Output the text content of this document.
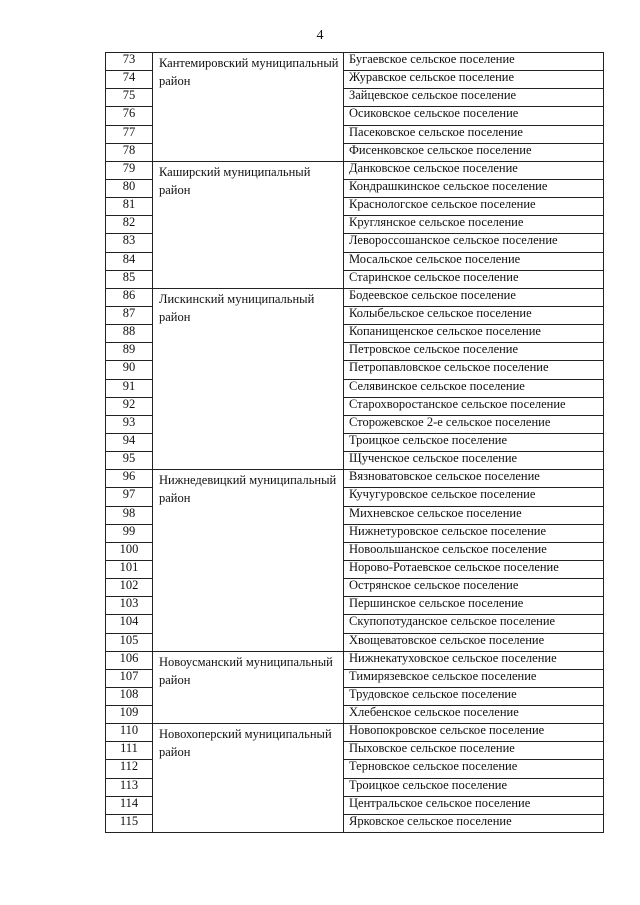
4
73	Кантемировский муниципальный район	Бугаевское сельское поселение
74		Журавское сельское поселение
75		Зайцевское сельское поселение
76		Осиковское сельское поселение
77		Пасековское сельское поселение
78		Фисенковское сельское поселение
79	Каширский муниципальный район	Данковское сельское поселение
80		Кондрашкинское сельское поселение
81		Краснологское сельское поселение
82		Круглянское сельское поселение
83		Левороссошанское сельское поселение
84		Мосальское сельское поселение
85		Старинское сельское поселение
86	Лискинский муниципальный район	Бодеевское сельское поселение
87		Колыбельское сельское поселение
88		Копанищенское сельское поселение
89		Петровское сельское поселение
90		Петропавловское сельское поселение
91		Селявинское сельское поселение
92		Старохворостанское сельское поселение
93		Сторожевское 2-е сельское поселение
94		Троицкое сельское поселение
95		Щученское сельское поселение
96	Нижнедевицкий муниципальный район	Вязноватовское сельское поселение
97		Кучугуровское сельское поселение
98		Михневское сельское поселение
99		Нижнетуровское сельское поселение
100		Новоольшанское сельское поселение
101		Норово-Ротаевское сельское поселение
102		Острянское сельское поселение
103		Першинское сельское поселение
104		Скупопотуданское сельское поселение
105		Хвощеватовское сельское поселение
106	Новоусманский муниципальный район	Нижнекатуховское сельское поселение
107		Тимирязевское сельское поселение
108		Трудовское сельское поселение
109		Хлебенское сельское поселение
110	Новохоперский муниципальный район	Новопокровское сельское поселение
111		Пыховское сельское поселение
112		Терновское сельское поселение
113		Троицкое сельское поселение
114		Центральское сельское поселение
115		Ярковское сельское поселение
